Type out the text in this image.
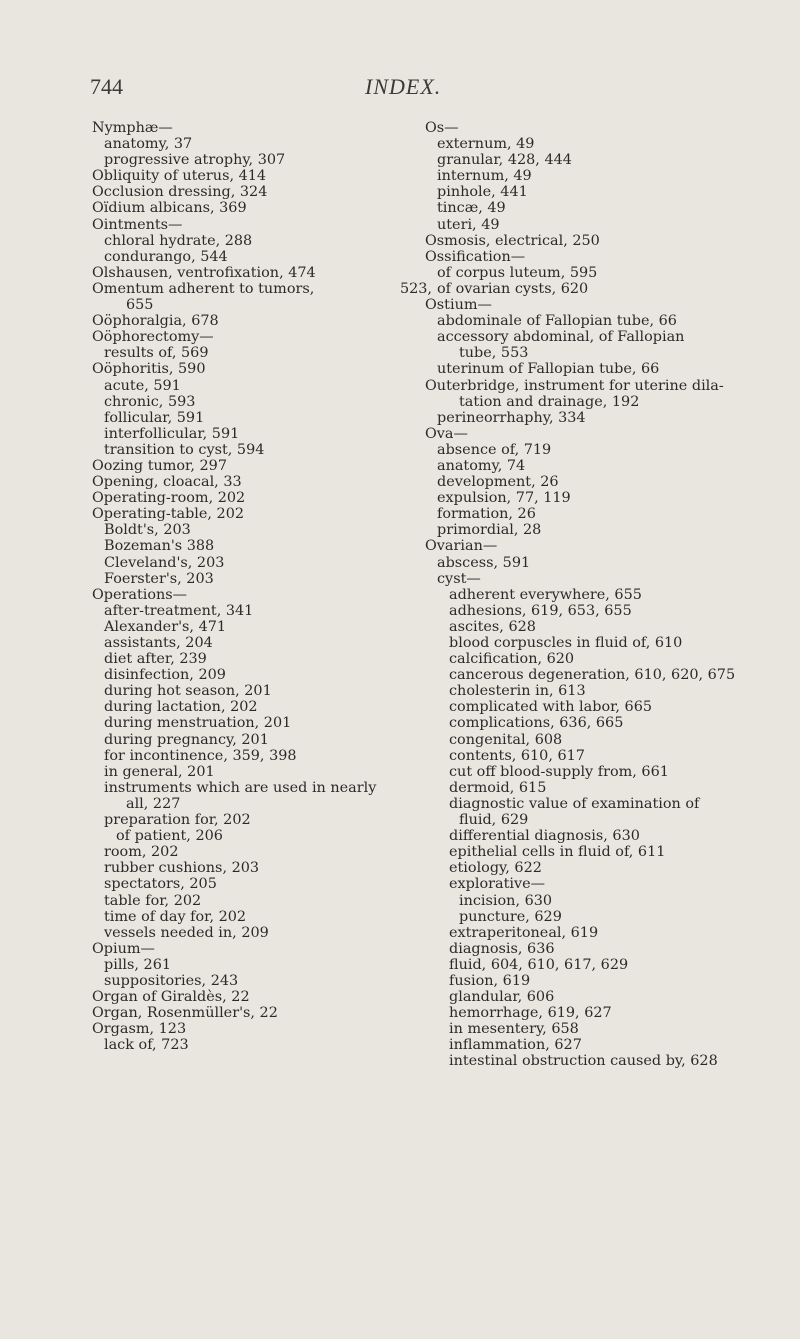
744	INDEX.
Nymphæ—
anatomy, 37
progressive atrophy, 307
Obliquity of uterus, 414
Occlusion dressing, 324
Oïdium albicans, 369
Ointments—
chloral hydrate, 288
condurango, 544
Olshausen, ventrofixation, 474
Omentum adherent to tumors,	523,
655
Oöphoralgia, 678
Oöphorectomy—
results of, 569
Oöphoritis, 590
acute, 591
chronic, 593
follicular, 591
interfollicular, 591
transition to cyst, 594
Oozing tumor, 297
Opening, cloacal, 33
Operating-room, 202
Operating-table, 202
Boldt's, 203
Bozeman's 388
Cleveland's, 203
Foerster's, 203
Operations—
after-treatment, 341
Alexander's, 471
assistants, 204
diet after, 239
disinfection, 209
during hot season, 201
during lactation, 202
during menstruation, 201
during pregnancy, 201
for incontinence, 359, 398
in general, 201
instruments which are used in nearly
all, 227
preparation for, 202
of patient, 206
room, 202
rubber cushions, 203
spectators, 205
table for, 202
time of day for, 202
vessels needed in, 209
Opium—
pills, 261
suppositories, 243
Organ of Giraldès, 22
Organ, Rosenmüller's, 22
Orgasm, 123
lack of, 723
Os—
externum, 49
granular, 428, 444
internum, 49
pinhole, 441
tincæ, 49
uteri, 49
Osmosis, electrical, 250
Ossification—
of corpus luteum, 595
of ovarian cysts, 620
Ostium—
abdominale of Fallopian tube, 66
accessory abdominal, of Fallopian
tube, 553
uterinum of Fallopian tube, 66
Outerbridge, instrument for uterine dila-
tation and drainage, 192
perineorrhaphy, 334
Ova—
absence of, 719
anatomy, 74
development, 26
expulsion, 77, 119
formation, 26
primordial, 28
Ovarian—
abscess, 591
cyst—
adherent everywhere, 655
adhesions, 619, 653, 655
ascites, 628
blood corpuscles in fluid of, 610
calcification, 620
cancerous degeneration, 610, 620, 675
cholesterin in, 613
complicated with labor, 665
complications, 636, 665
congenital, 608
contents, 610, 617
cut off blood-supply from, 661
dermoid, 615
diagnostic value of examination of
fluid, 629
differential diagnosis, 630
epithelial cells in fluid of, 611
etiology, 622
explorative—
incision, 630
puncture, 629
extraperitoneal, 619
diagnosis, 636
fluid, 604, 610, 617, 629
fusion, 619
glandular, 606
hemorrhage, 619, 627
in mesentery, 658
inflammation, 627
intestinal obstruction caused by, 628
